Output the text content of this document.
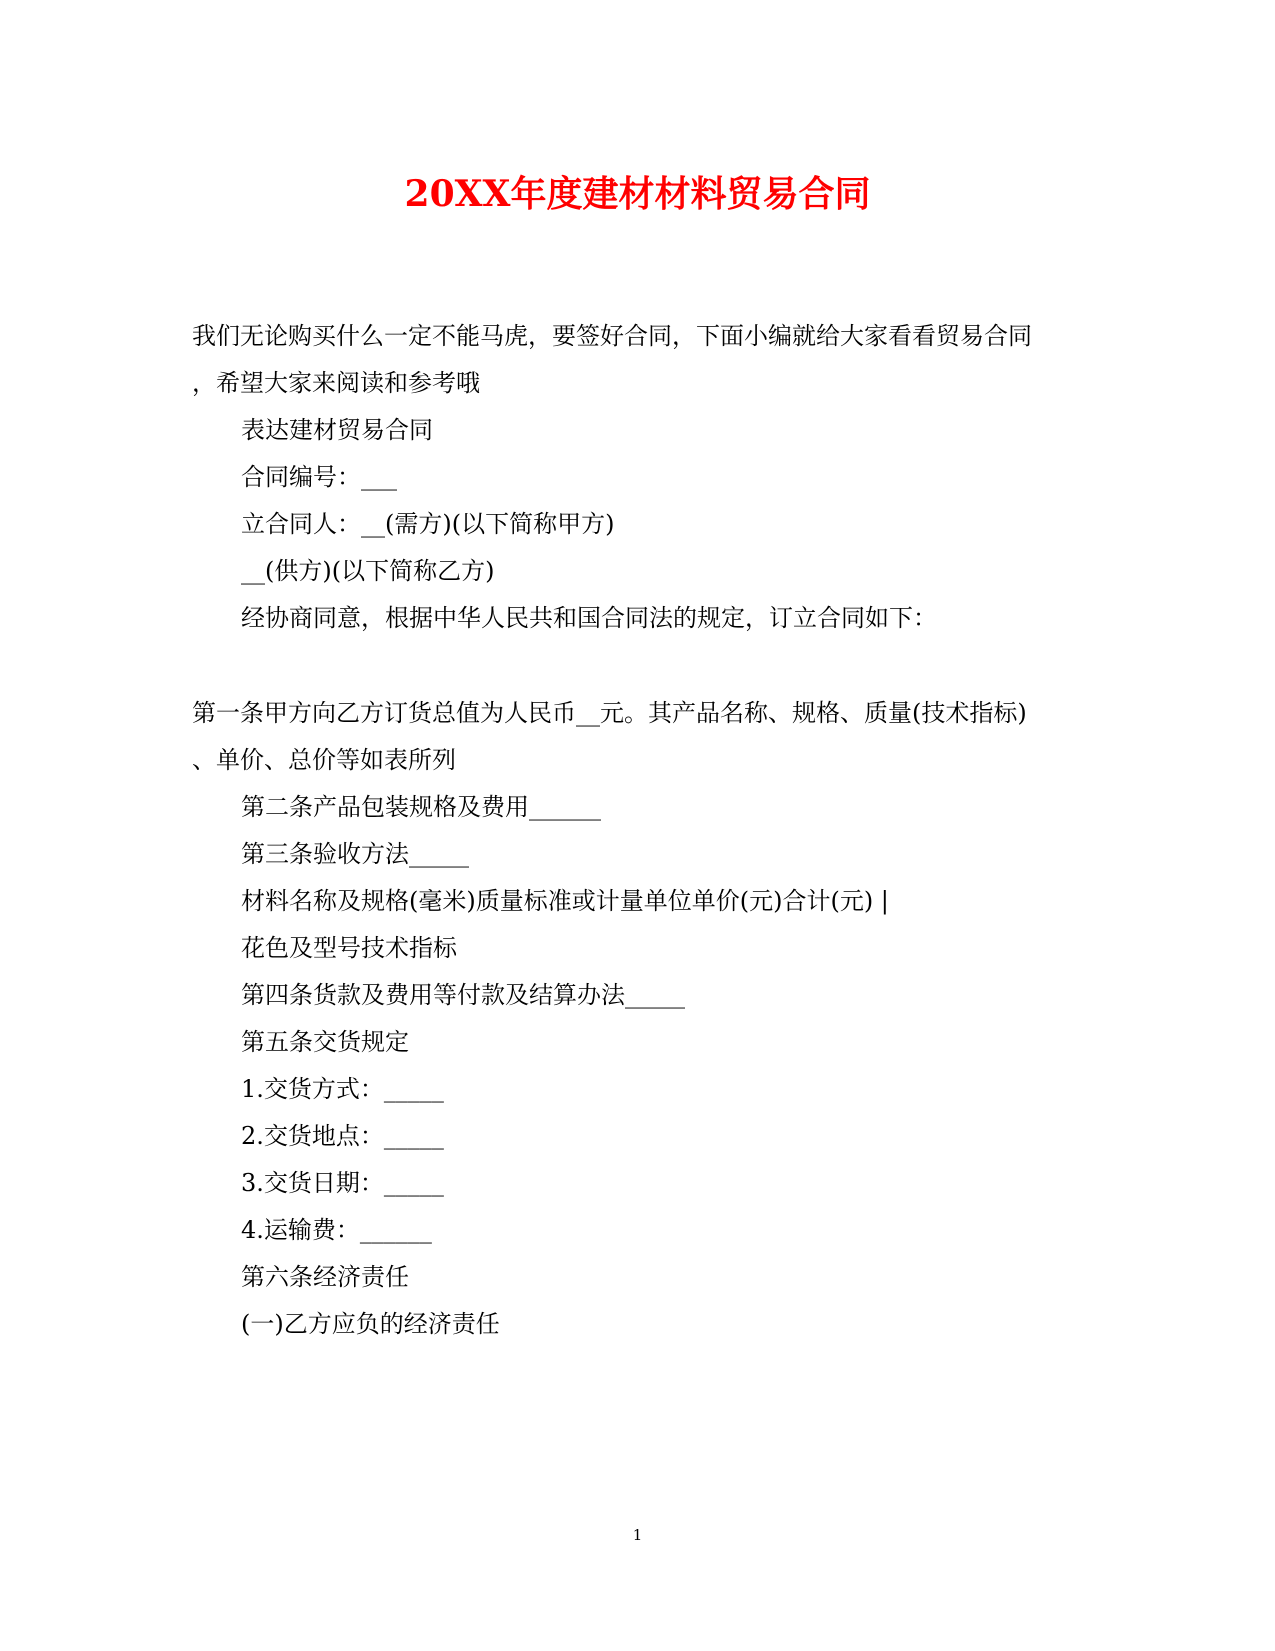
20XX年度建材材料贸易合同
我们无论购买什么一定不能马虎，要签好合同，下面小编就给大家看看贸易合同
，希望大家来阅读和参考哦
表达建材贸易合同
合同编号：___
立合同人：__(需方)(以下简称甲方)
__(供方)(以下简称乙方)
经协商同意，根据中华人民共和国合同法的规定，订立合同如下：
第一条甲方向乙方订货总值为人民币__元。其产品名称、规格、质量(技术指标)
、单价、总价等如表所列
第二条产品包装规格及费用______
第三条验收方法_____
材料名称及规格(毫米)质量标准或计量单位单价(元)合计(元) |
花色及型号技术指标
第四条货款及费用等付款及结算办法_____
第五条交货规定
1.交货方式：_____
2.交货地点：_____
3.交货日期：_____
4.运输费：______
第六条经济责任
(一)乙方应负的经济责任
1
